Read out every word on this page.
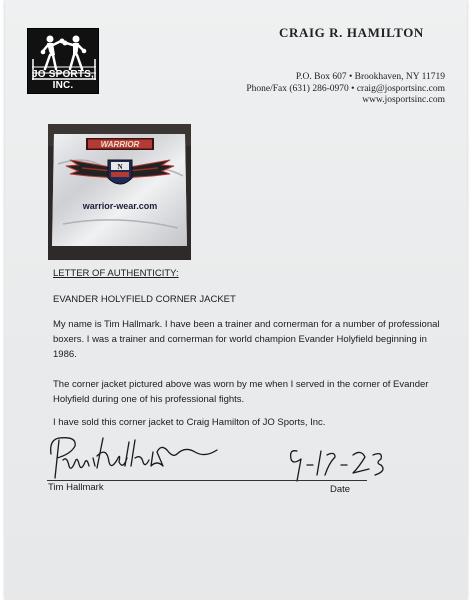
JO SPORTS, INC.
CRAIG R. HAMILTON
P.O. Box 607 • Brookhaven, NY 11719
Phone/Fax (631) 286-0970 • craig@josportsinc.com
www.josportsinc.com
WARRIOR
N
warrior-wear.com
LETTER OF AUTHENTICITY:
EVANDER HOLYFIELD CORNER JACKET
My name is Tim Hallmark. I have been a trainer and cornerman for a number of professional boxers. I was a trainer and cornerman for world champion Evander Holyfield beginning in 1986.
The corner jacket pictured above was worn by me when I served in the corner of Evander Holyfield during one of his professional fights.
I have sold this corner jacket to Craig Hamilton of JO Sports, Inc.
Tim Hallmark	Date
